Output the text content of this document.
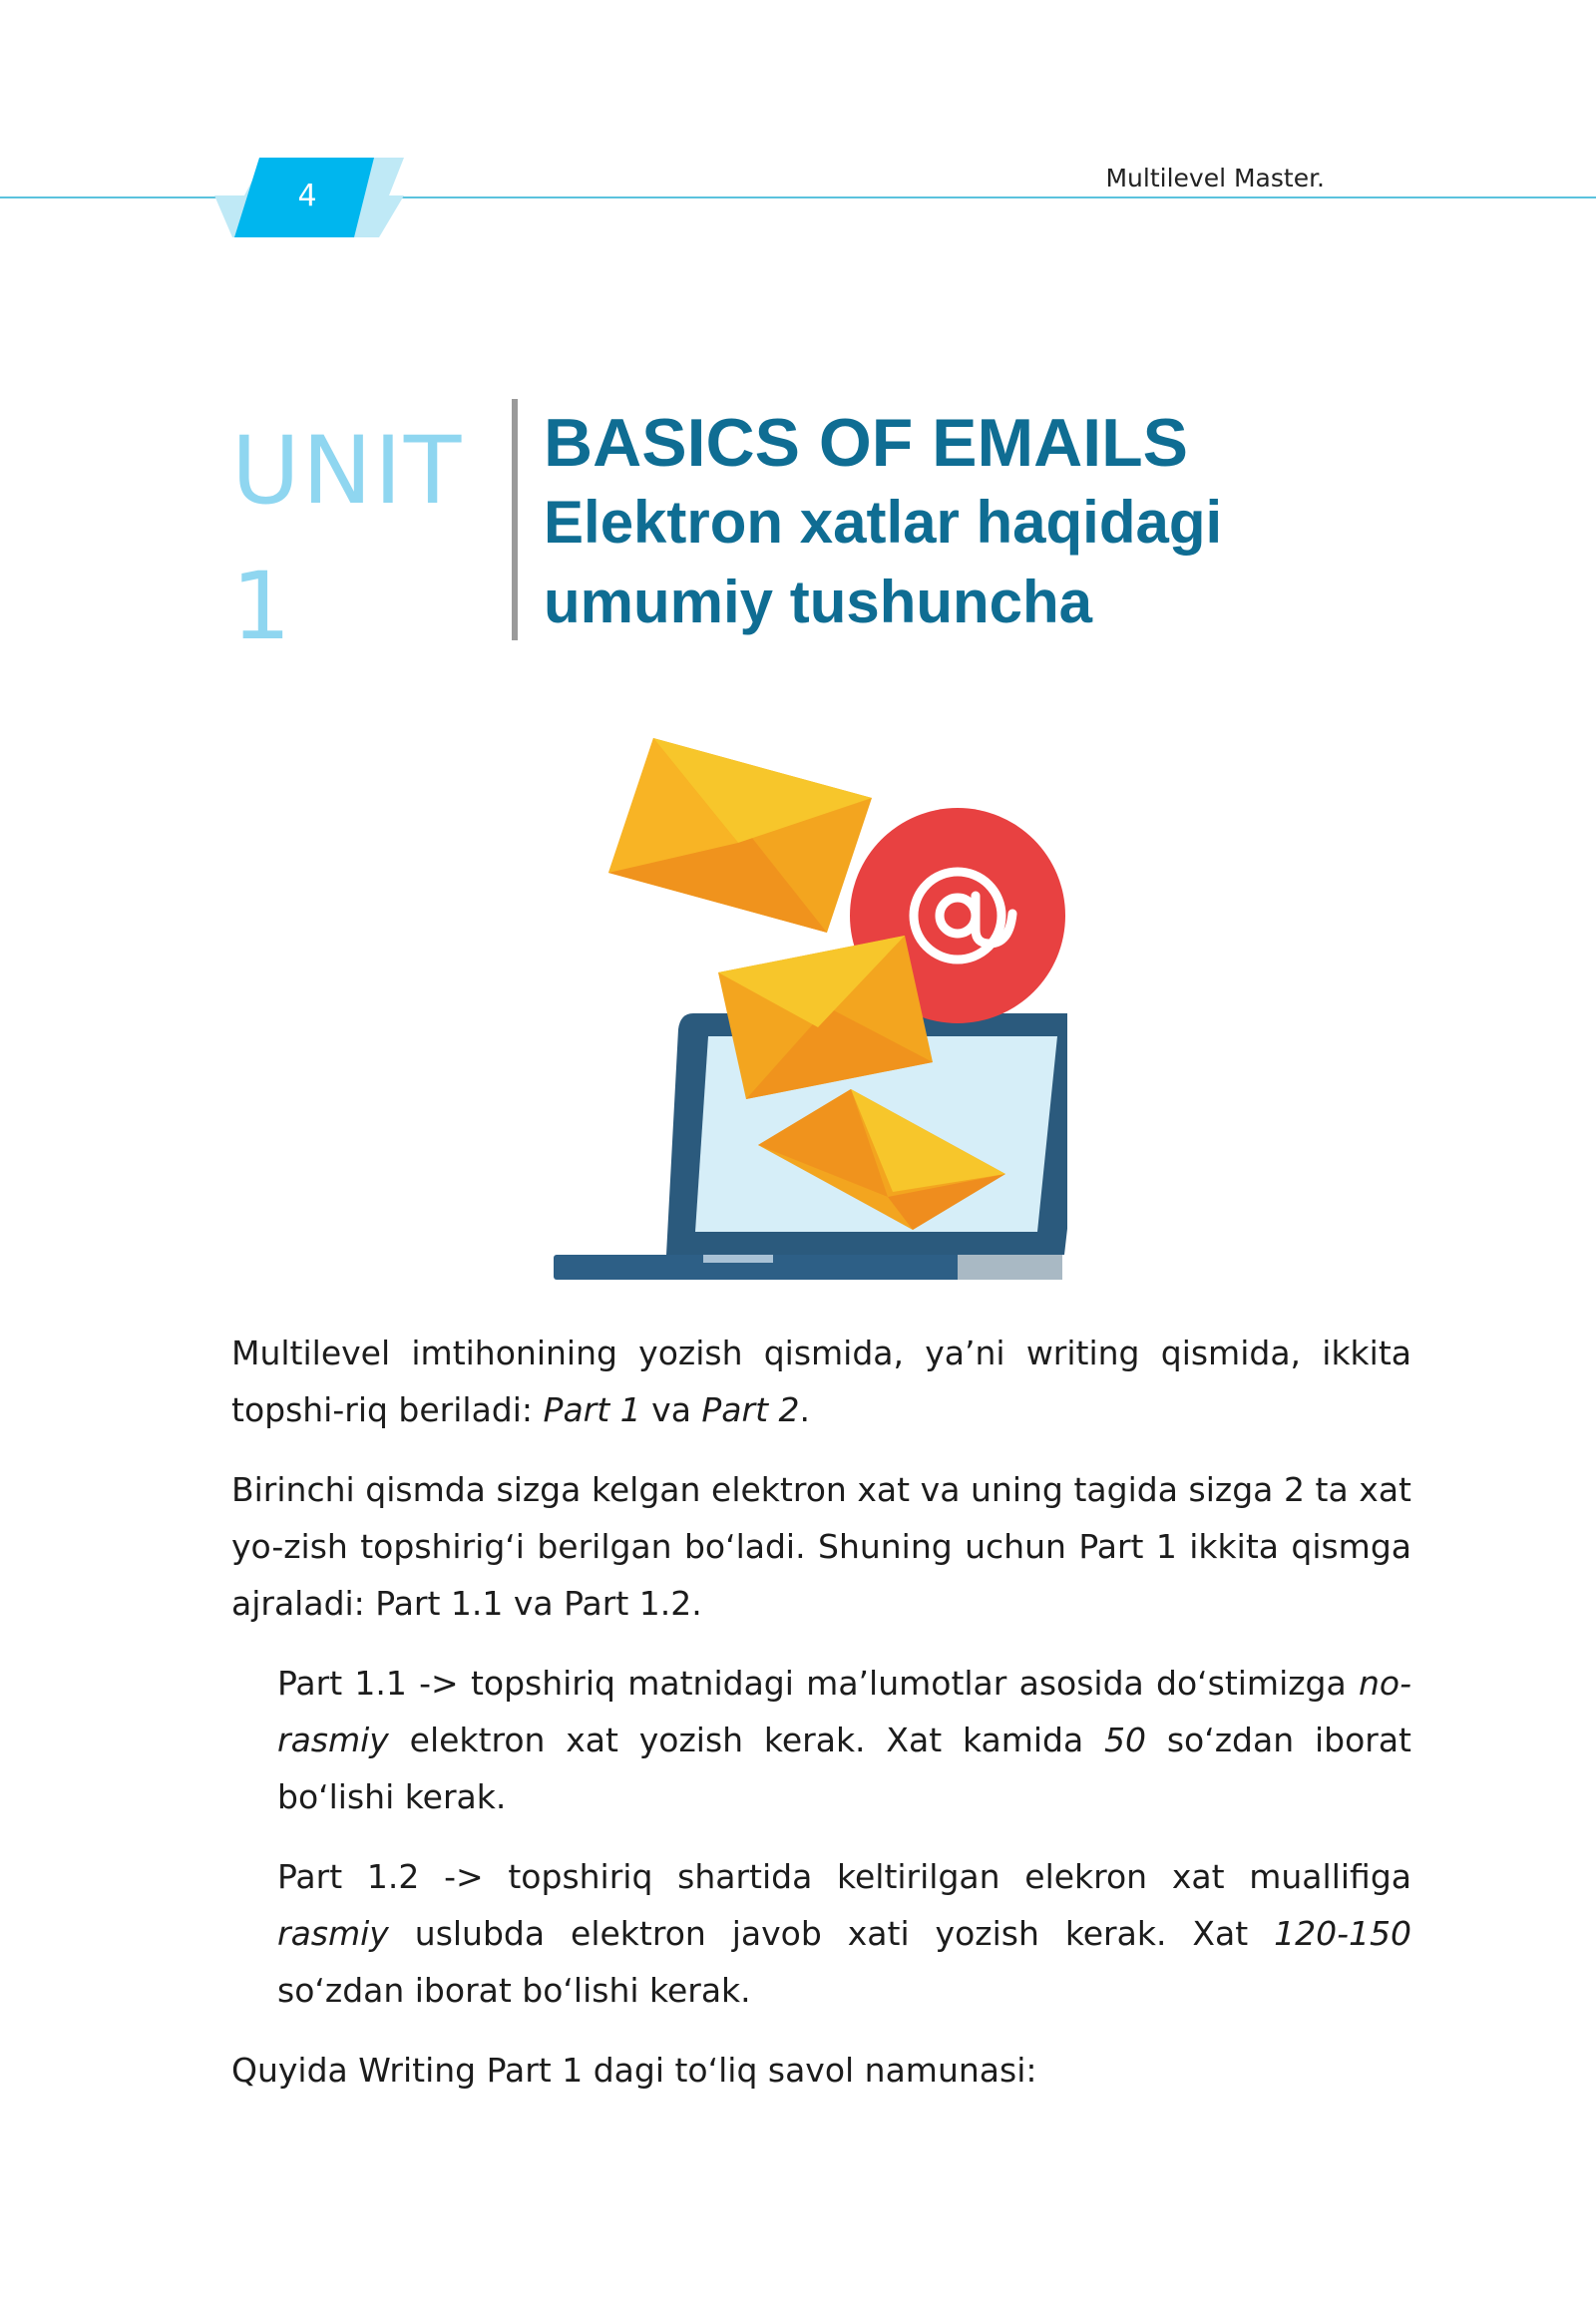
4
Multilevel Master.
UNIT
1
BASICS OF EMAILS
Elektron xatlar haqidagi
umumiy tushuncha

Multilevel imtihonining yozish qismida, ya’ni writing qismida, ikkita topshi-riq beriladi: Part 1 va Part 2.

Birinchi qismda sizga kelgan elektron xat va uning tagida sizga 2 ta xat yo-zish topshirig‘i berilgan bo‘ladi. Shuning uchun Part 1 ikkita qismga ajraladi: Part 1.1 va Part 1.2.

Part 1.1 -> topshiriq matnidagi ma’lumotlar asosida do‘stimizga no-rasmiy elektron xat yozish kerak. Xat kamida 50 so‘zdan iborat bo‘lishi kerak.

Part 1.2 -> topshiriq shartida keltirilgan elekron xat muallifiga rasmiy uslubda elektron javob xati yozish kerak. Xat 120-150 so‘zdan iborat bo‘lishi kerak.

Quyida Writing Part 1 dagi to‘liq savol namunasi:
